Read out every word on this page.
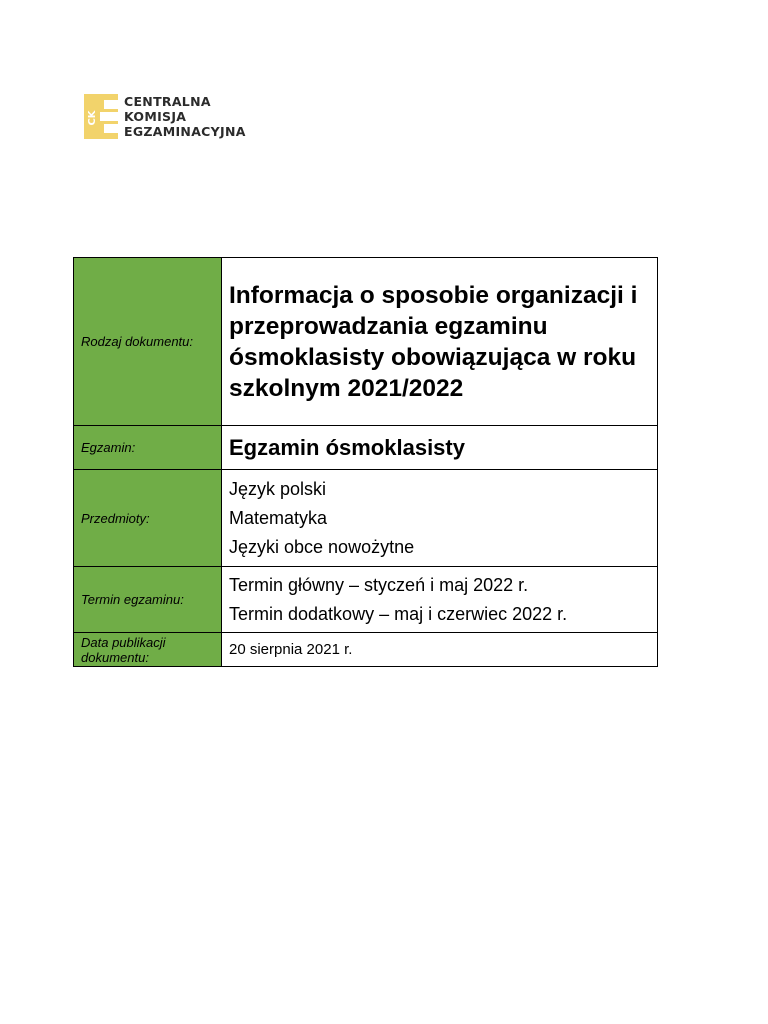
CK
CENTRALNA
KOMISJA
EGZAMINACYJNA
Rodzaj dokumentu:	Informacja o sposobie organizacji i przeprowadzania egzaminu ósmoklasisty obowiązująca w roku szkolnym 2021/2022

Egzamin:	Egzamin ósmoklasisty

Przedmioty:	Język polski
Matematyka
Języki obce nowożytne

Termin egzaminu:	Termin główny – styczeń i maj 2022 r.
Termin dodatkowy – maj i czerwiec 2022 r.

Data publikacji dokumentu:	20 sierpnia 2021 r.
